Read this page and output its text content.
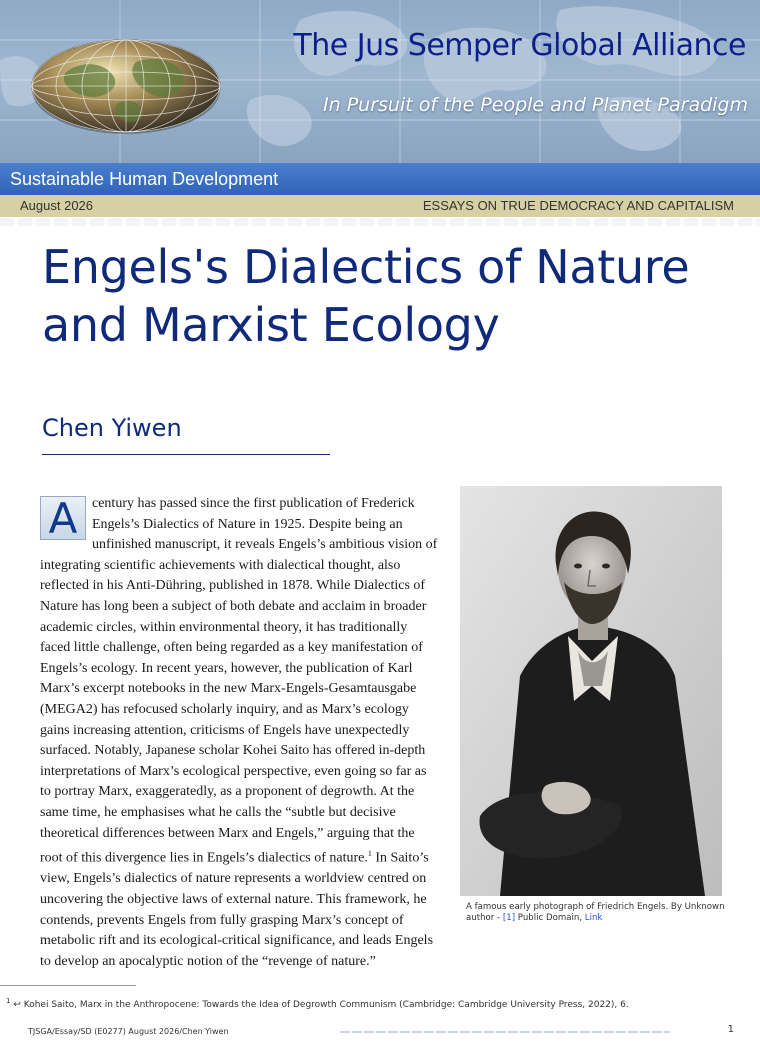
The Jus Semper Global Alliance
In Pursuit of the People and Planet Paradigm
Sustainable Human Development
August 2026	ESSAYS ON TRUE DEMOCRACY AND CAPITALISM
Engels's Dialectics of Nature and Marxist Ecology
Chen Yiwen
A	century has passed since the first publication of Frederick Engels’s Dialectics of Nature in 1925. Despite being an unfinished manuscript, it reveals Engels’s ambitious vision of integrating scientific achievements with dialectical thought, also reflected in his Anti-Dühring, published in 1878. While Dialectics of Nature has long been a subject of both debate and acclaim in broader academic circles, within environmental theory, it has traditionally faced little challenge, often being regarded as a key manifestation of Engels’s ecology. In recent years, however, the publication of Karl Marx’s excerpt notebooks in the new Marx-Engels-Gesamtausgabe (MEGA2) has refocused scholarly inquiry, and as Marx’s ecology gains increasing attention, criticisms of Engels have unexpectedly surfaced. Notably, Japanese scholar Kohei Saito has offered in-depth interpretations of Marx’s ecological perspective, even going so far as to portray Marx, exaggeratedly, as a proponent of degrowth. At the same time, he emphasises what he calls the “subtle but decisive theoretical differences between Marx and Engels,” arguing that the root of this divergence lies in Engels’s dialectics of nature.$^1$ In Saito’s view, Engels’s dialectics of nature represents a worldview centred on uncovering the objective laws of external nature. This framework, he contends, prevents Engels from fully grasping Marx’s concept of metabolic rift and its ecological-critical significance, and leads Engels to develop an apocalyptic notion of the “revenge of nature.”
A famous early photograph of Friedrich Engels. By Unknown author - [1] Public Domain, Link
$^1$ ↩ Kohei Saito, Marx in the Anthropocene: Towards the Idea of Degrowth Communism (Cambridge: Cambridge University Press, 2022), 6.
TJSGA/Essay/SD (E0277) August 2026/Chen Yiwen	1
